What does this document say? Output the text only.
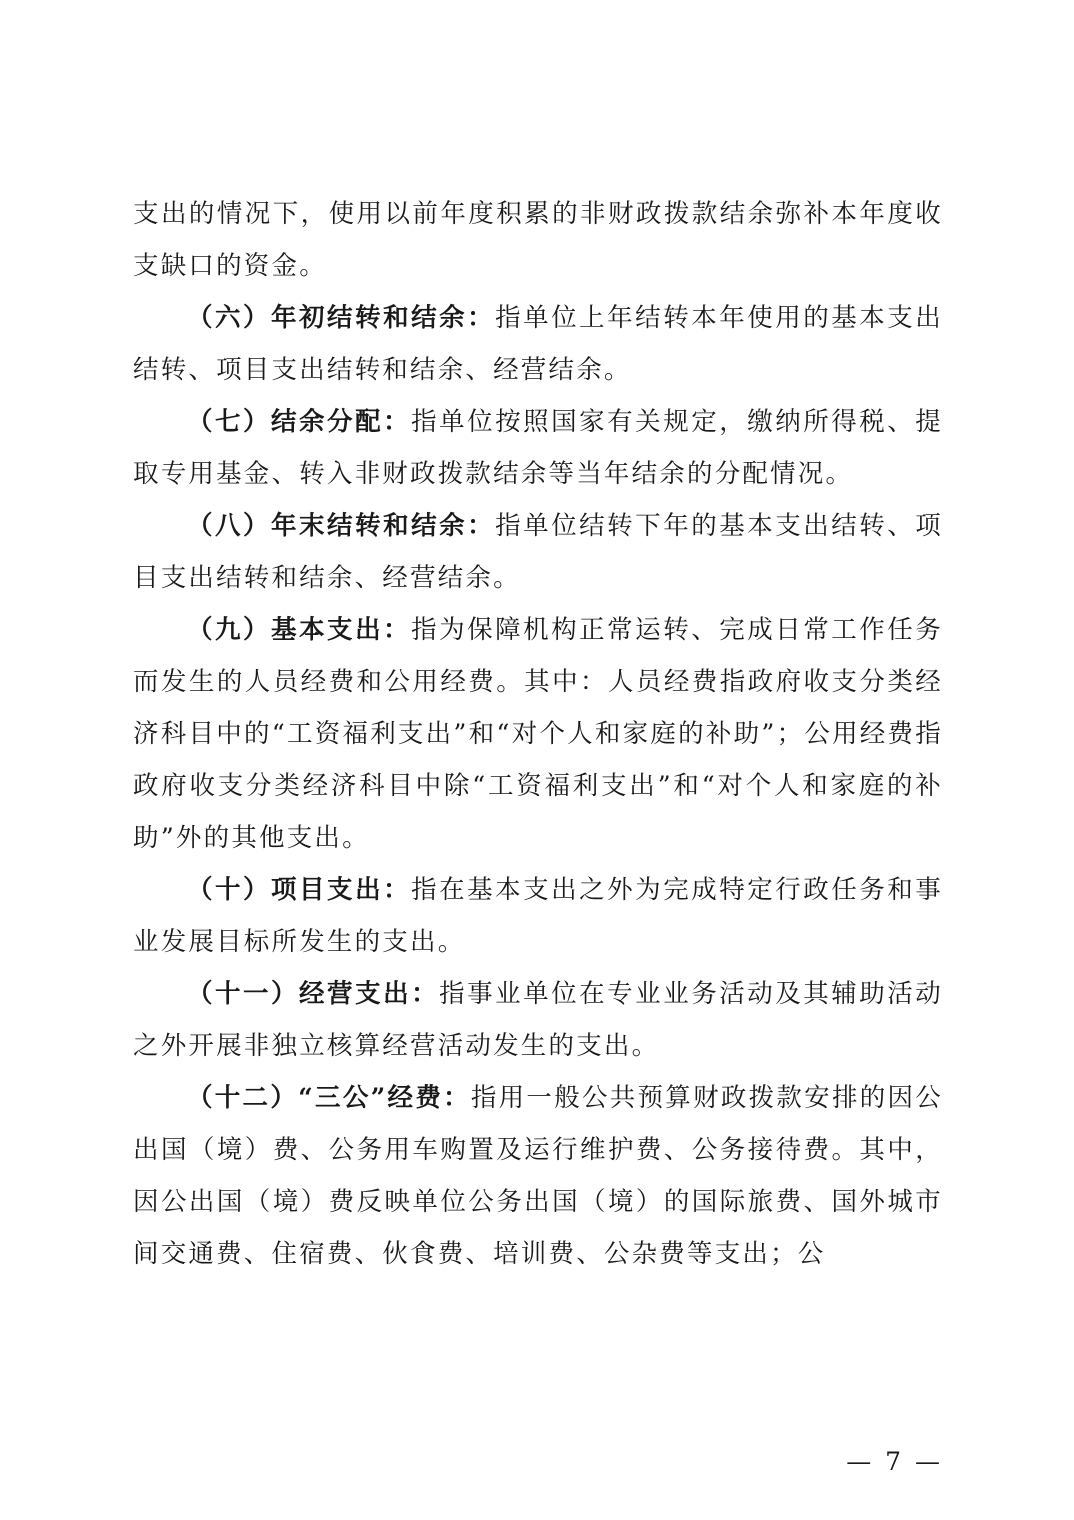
支出的情况下，使用以前年度积累的非财政拨款结余弥补本年度收支缺口的资金。

（六）年初结转和结余：指单位上年结转本年使用的基本支出结转、项目支出结转和结余、经营结余。

（七）结余分配：指单位按照国家有关规定，缴纳所得税、提取专用基金、转入非财政拨款结余等当年结余的分配情况。

（八）年末结转和结余：指单位结转下年的基本支出结转、项目支出结转和结余、经营结余。

（九）基本支出：指为保障机构正常运转、完成日常工作任务而发生的人员经费和公用经费。其中：人员经费指政府收支分类经济科目中的“工资福利支出”和“对个人和家庭的补助”；公用经费指政府收支分类经济科目中除“工资福利支出”和“对个人和家庭的补助”外的其他支出。

（十）项目支出：指在基本支出之外为完成特定行政任务和事业发展目标所发生的支出。

（十一）经营支出：指事业单位在专业业务活动及其辅助活动之外开展非独立核算经营活动发生的支出。

（十二）“三公”经费：指用一般公共预算财政拨款安排的因公出国（境）费、公务用车购置及运行维护费、公务接待费。其中，因公出国（境）费反映单位公务出国（境）的国际旅费、国外城市间交通费、住宿费、伙食费、培训费、公杂费等支出；公

— 7 —
